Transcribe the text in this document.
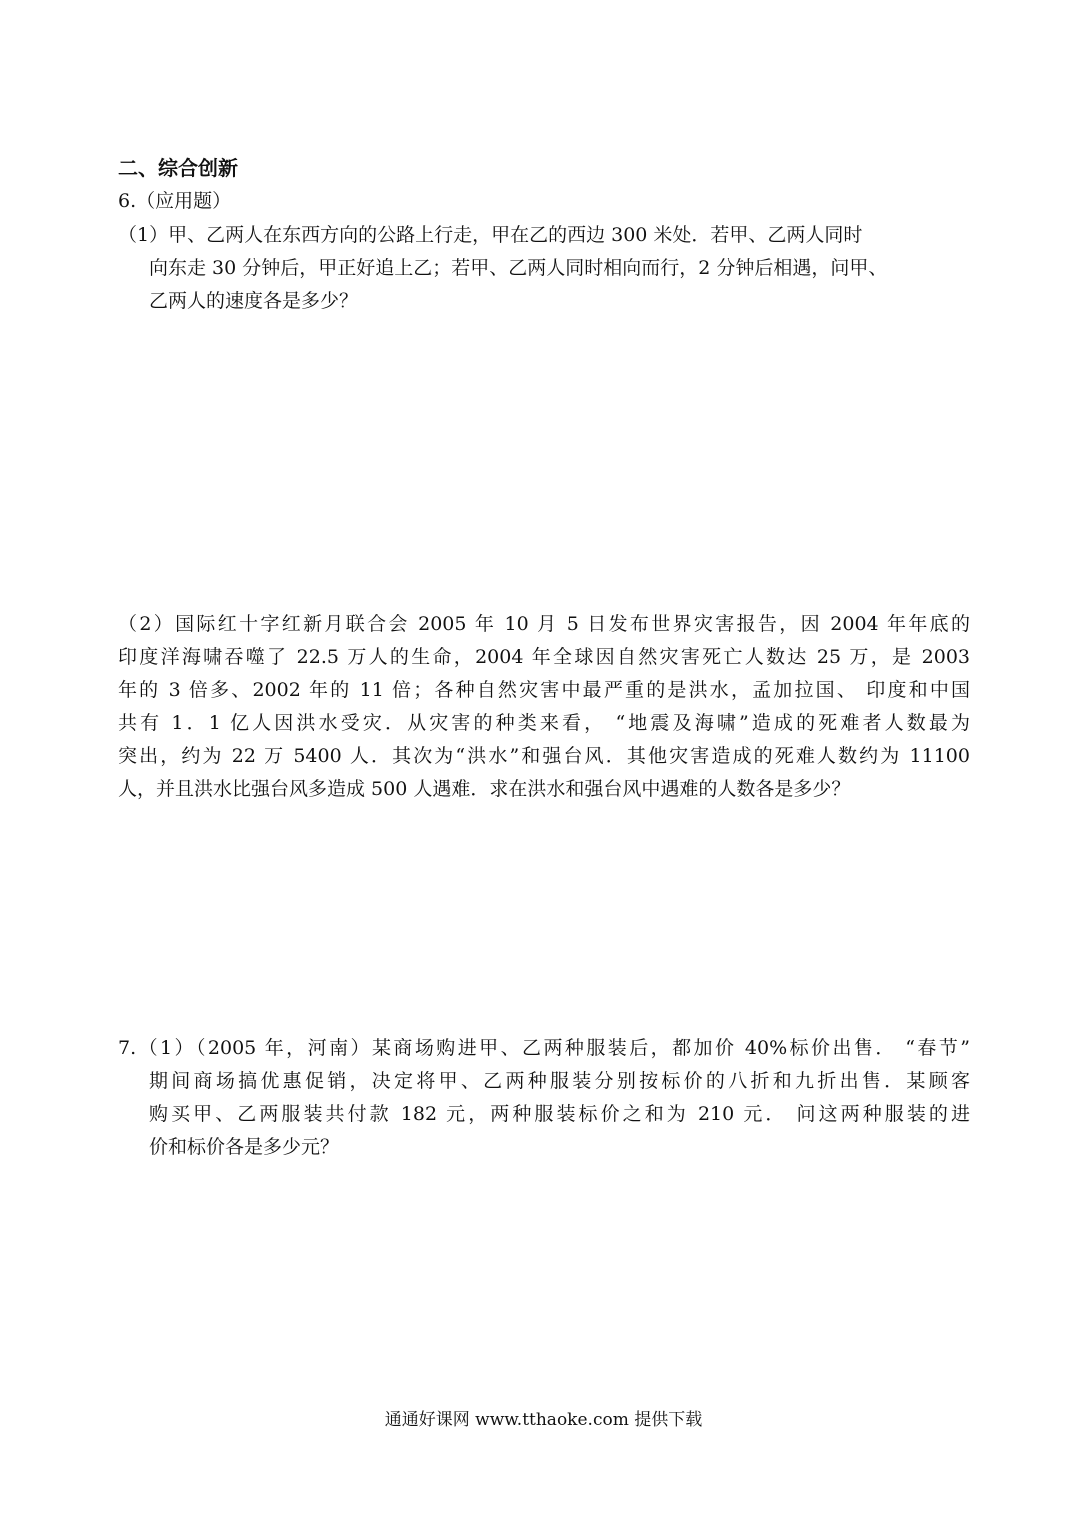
二、综合创新
6.（应用题）
（1）甲、乙两人在东西方向的公路上行走，甲在乙的西边 300 米处．若甲、乙两人同时
向东走 30 分钟后，甲正好追上乙；若甲、乙两人同时相向而行，2 分钟后相遇，问甲、
乙两人的速度各是多少？
（2）国际红十字红新月联合会 2005 年 10 月 5 日发布世界灾害报告，因 2004 年年底的
印度洋海啸吞噬了 22.5 万人的生命，2004 年全球因自然灾害死亡人数达 25 万，是 2003
年的 3 倍多、2002 年的 11 倍；各种自然灾害中最严重的是洪水，孟加拉国、 印度和中国
共有 1．1 亿人因洪水受灾．从灾害的种类来看， “地震及海啸”造成的死难者人数最为
突出，约为 22 万 5400 人．其次为“洪水”和强台风．其他灾害造成的死难人数约为 11100
人，并且洪水比强台风多造成 500 人遇难．求在洪水和强台风中遇难的人数各是多少？
7.（1）（2005 年，河南）某商场购进甲、乙两种服装后，都加价 40%标价出售． “春节”
期间商场搞优惠促销，决定将甲、乙两种服装分别按标价的八折和九折出售．某顾客
购买甲、乙两服装共付款 182 元，两种服装标价之和为 210 元． 问这两种服装的进
价和标价各是多少元？
通通好课网 www.tthaoke.com 提供下载
